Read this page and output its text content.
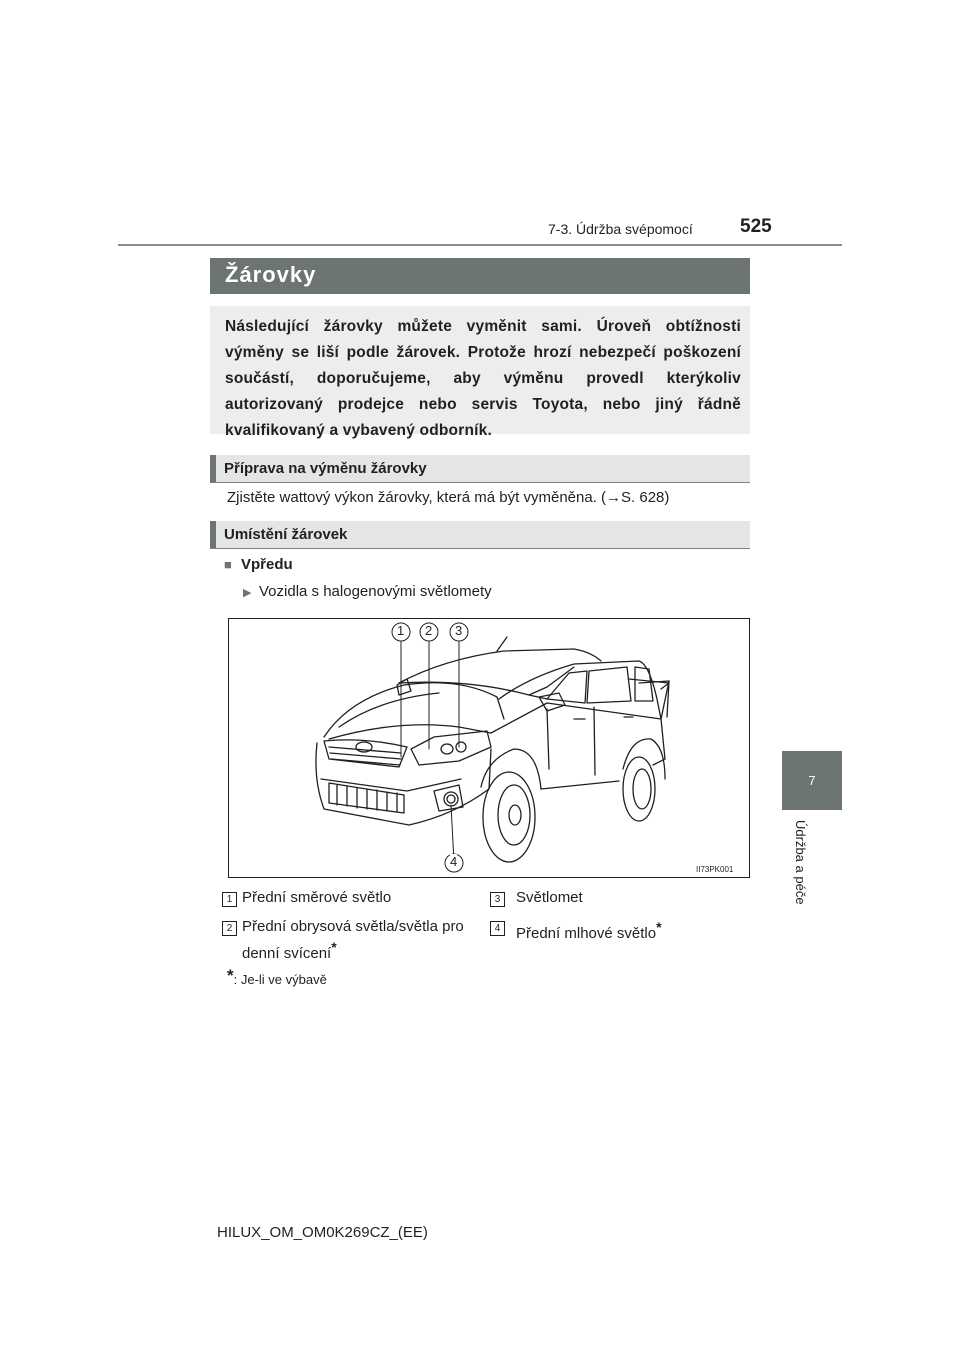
7-3. Údržba svépomocí 525
7
Údržba a péče
Žárovky
Následující žárovky můžete vyměnit sami. Úroveň obtížnosti výměny se liší podle žárovek. Protože hrozí nebezpečí poškození součástí, doporučujeme, aby výměnu provedl kterýkoliv autorizovaný prodejce nebo servis Toyota, nebo jiný řádně kvalifikovaný a vybavený odborník.
Příprava na výměnu žárovky
Zjistěte wattový výkon žárovky, která má být vyměněna. (→S. 628)
Umístění žárovek
■ Vpředu
▶ Vozidla s halogenovými světlomety
1 2 3
4
II73PK001
1 Přední směrové světlo
2 Přední obrysová světla/světla pro denní svícení*
3	Světlomet
4	Přední mlhové světlo*
*: Je-li ve výbavě
HILUX_OM_OM0K269CZ_(EE)
